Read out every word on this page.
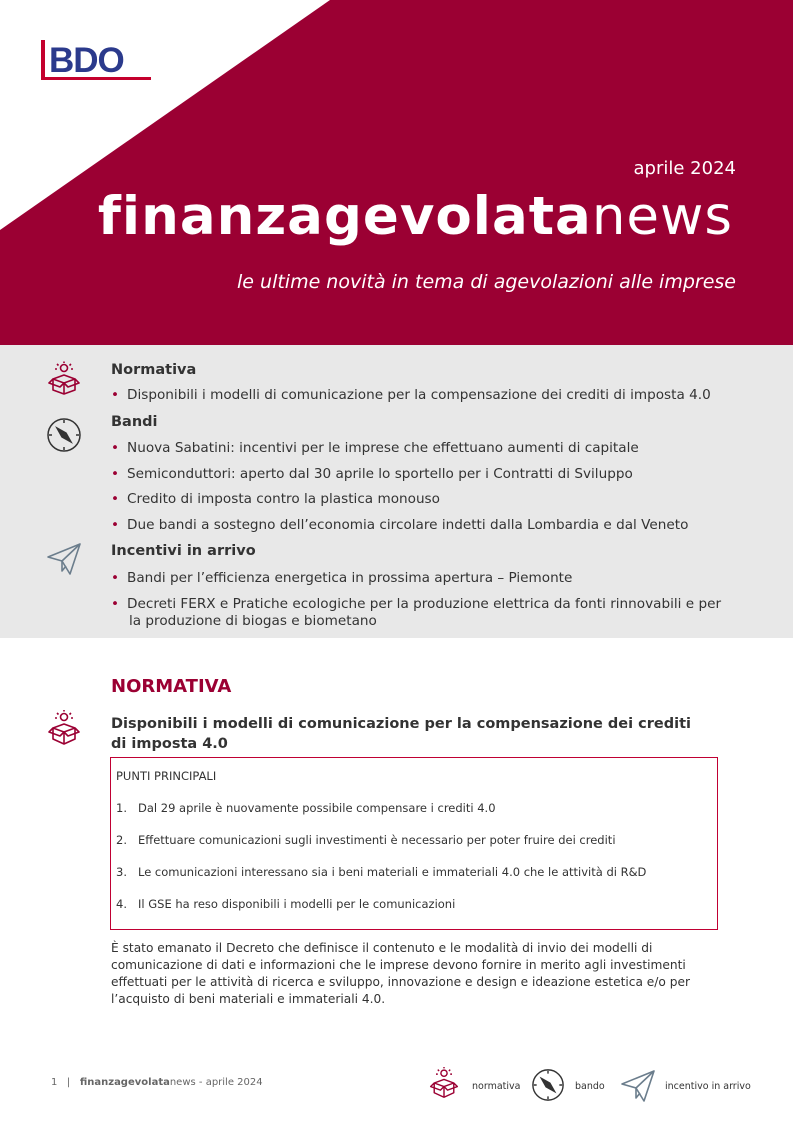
BDO
aprile 2024
finanzagevolatanews
le ultime novità in tema di agevolazioni alle imprese
Normativa
• Disponibili i modelli di comunicazione per la compensazione dei crediti di imposta 4.0
Bandi
• Nuova Sabatini: incentivi per le imprese che effettuano aumenti di capitale
• Semiconduttori: aperto dal 30 aprile lo sportello per i Contratti di Sviluppo
• Credito di imposta contro la plastica monouso
• Due bandi a sostegno dell’economia circolare indetti dalla Lombardia e dal Veneto
Incentivi in arrivo
• Bandi per l’efficienza energetica in prossima apertura – Piemonte
• Decreti FERX e Pratiche ecologiche per la produzione elettrica da fonti rinnovabili e per
la produzione di biogas e biometano
NORMATIVA
Disponibili i modelli di comunicazione per la compensazione dei crediti di imposta 4.0
PUNTI PRINCIPALI
1. Dal 29 aprile è nuovamente possibile compensare i crediti 4.0
2. Effettuare comunicazioni sugli investimenti è necessario per poter fruire dei crediti
3. Le comunicazioni interessano sia i beni materiali e immateriali 4.0 che le attività di R&D
4. Il GSE ha reso disponibili i modelli per le comunicazioni
È stato emanato il Decreto che definisce il contenuto e le modalità di invio dei modelli di comunicazione di dati e informazioni che le imprese devono fornire in merito agli investimenti effettuati per le attività di ricerca e sviluppo, innovazione e design e ideazione estetica e/o per l’acquisto di beni materiali e immateriali 4.0.
1 | finanzagevolatanews - aprile 2024	normativa	bando	incentivo in arrivo
